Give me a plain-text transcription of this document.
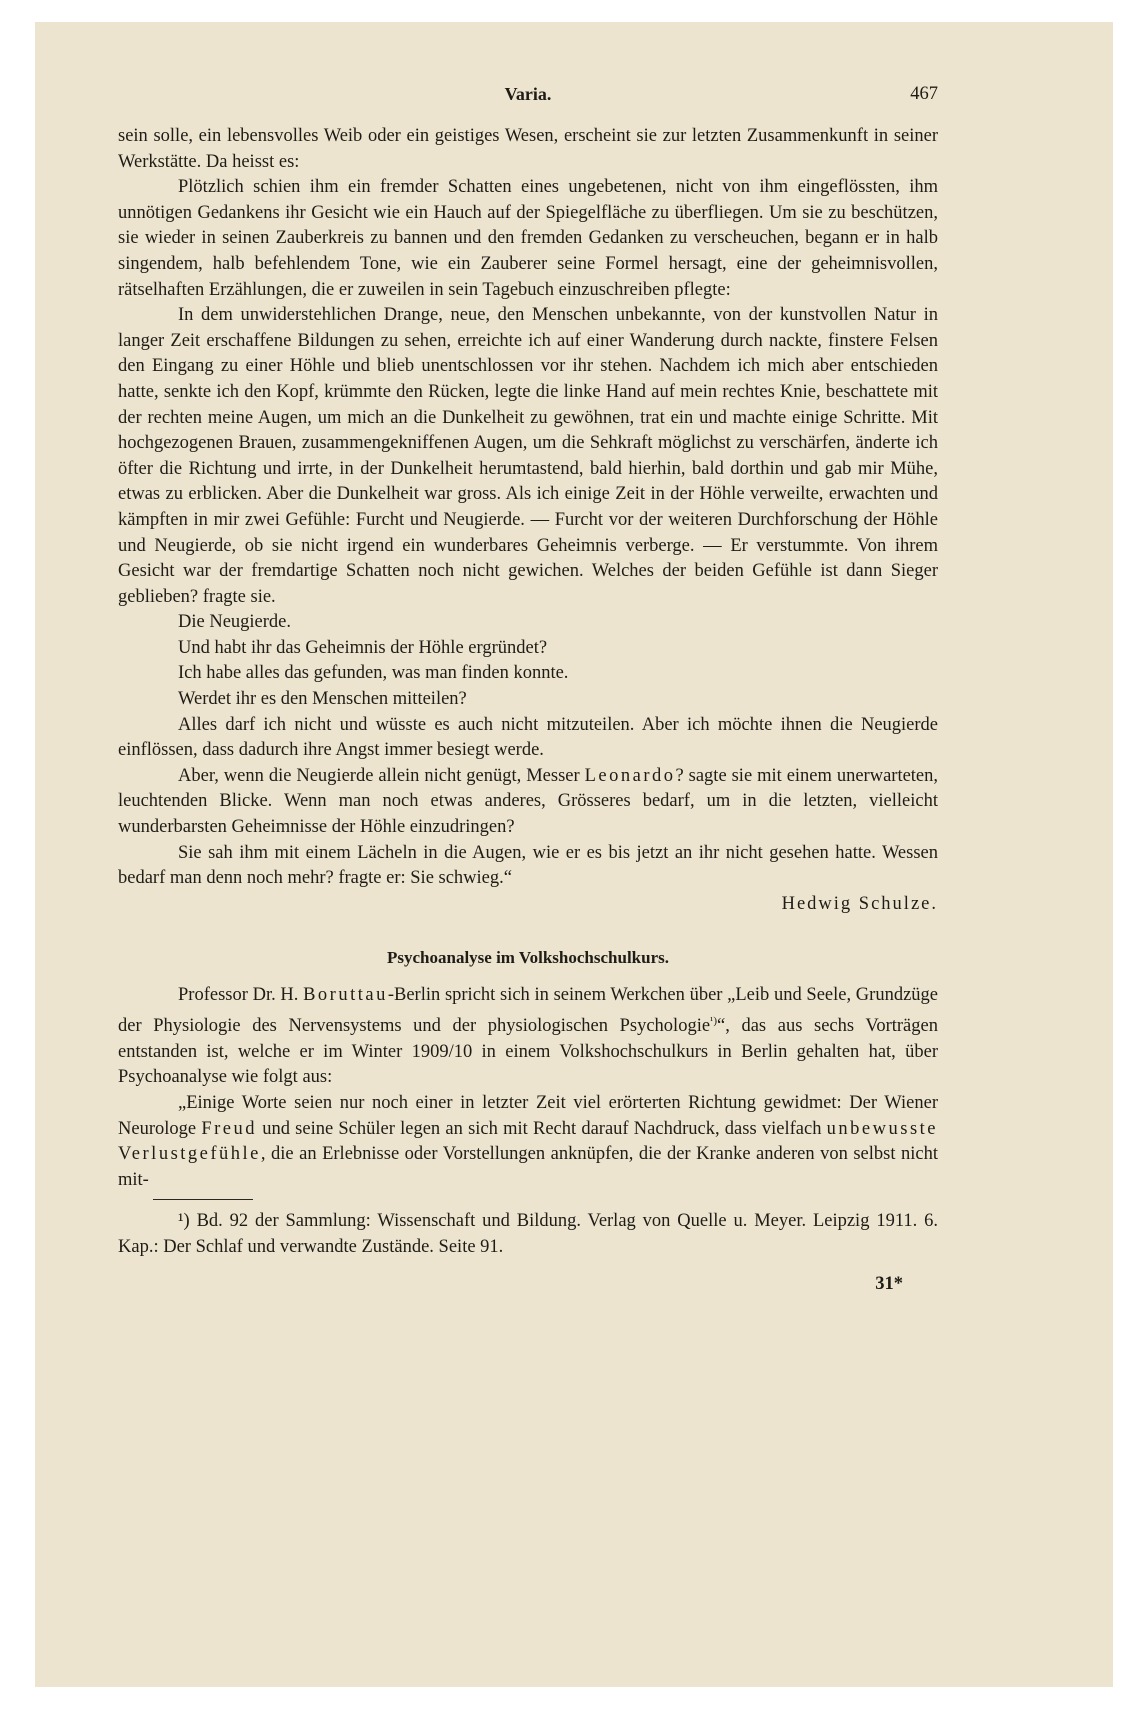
Varia.	467

sein solle, ein lebensvolles Weib oder ein geistiges Wesen, erscheint sie zur letzten Zusammenkunft in seiner Werkstätte. Da heisst es:

Plötzlich schien ihm ein fremder Schatten eines ungebetenen, nicht von ihm eingeflössten, ihm unnötigen Gedankens ihr Gesicht wie ein Hauch auf der Spiegelfläche zu überfliegen. Um sie zu beschützen, sie wieder in seinen Zauberkreis zu bannen und den fremden Gedanken zu verscheuchen, begann er in halb singendem, halb befehlendem Tone, wie ein Zauberer seine Formel hersagt, eine der geheimnisvollen, rätselhaften Erzählungen, die er zuweilen in sein Tagebuch einzuschreiben pflegte:

In dem unwiderstehlichen Drange, neue, den Menschen unbekannte, von der kunstvollen Natur in langer Zeit erschaffene Bildungen zu sehen, erreichte ich auf einer Wanderung durch nackte, finstere Felsen den Eingang zu einer Höhle und blieb unentschlossen vor ihr stehen. Nachdem ich mich aber entschieden hatte, senkte ich den Kopf, krümmte den Rücken, legte die linke Hand auf mein rechtes Knie, beschattete mit der rechten meine Augen, um mich an die Dunkelheit zu gewöhnen, trat ein und machte einige Schritte. Mit hochgezogenen Brauen, zusammengekniffenen Augen, um die Sehkraft möglichst zu verschärfen, änderte ich öfter die Richtung und irrte, in der Dunkelheit herumtastend, bald hierhin, bald dorthin und gab mir Mühe, etwas zu erblicken. Aber die Dunkelheit war gross. Als ich einige Zeit in der Höhle verweilte, erwachten und kämpften in mir zwei Gefühle: Furcht und Neugierde. — Furcht vor der weiteren Durchforschung der Höhle und Neugierde, ob sie nicht irgend ein wunderbares Geheimnis verberge. — Er verstummte. Von ihrem Gesicht war der fremdartige Schatten noch nicht gewichen. Welches der beiden Gefühle ist dann Sieger geblieben? fragte sie.

Die Neugierde.

Und habt ihr das Geheimnis der Höhle ergründet?

Ich habe alles das gefunden, was man finden konnte.

Werdet ihr es den Menschen mitteilen?

Alles darf ich nicht und wüsste es auch nicht mitzuteilen. Aber ich möchte ihnen die Neugierde einflössen, dass dadurch ihre Angst immer besiegt werde.

Aber, wenn die Neugierde allein nicht genügt, Messer Leonardo? sagte sie mit einem unerwarteten, leuchtenden Blicke. Wenn man noch etwas anderes, Grösseres bedarf, um in die letzten, vielleicht wunderbarsten Geheimnisse der Höhle einzudringen?

Sie sah ihm mit einem Lächeln in die Augen, wie er es bis jetzt an ihr nicht gesehen hatte. Wessen bedarf man denn noch mehr? fragte er: Sie schwieg.“

Hedwig Schulze.

Psychoanalyse im Volkshochschulkurs.

Professor Dr. H. Boruttau-Berlin spricht sich in seinem Werkchen über „Leib und Seele, Grundzüge der Physiologie des Nervensystems und der physiologischen Psychologie$^{^1)}$“, das aus sechs Vorträgen entstanden ist, welche er im Winter 1909/10 in einem Volkshochschulkurs in Berlin gehalten hat, über Psychoanalyse wie folgt aus:

„Einige Worte seien nur noch einer in letzter Zeit viel erörterten Richtung gewidmet: Der Wiener Neurologe Freud und seine Schüler legen an sich mit Recht darauf Nachdruck, dass vielfach unbewusste Verlustgefühle, die an Erlebnisse oder Vorstellungen anknüpfen, die der Kranke anderen von selbst nicht mit-

¹) Bd. 92 der Sammlung: Wissenschaft und Bildung. Verlag von Quelle u. Meyer. Leipzig 1911. 6. Kap.: Der Schlaf und verwandte Zustände. Seite 91.

31*
